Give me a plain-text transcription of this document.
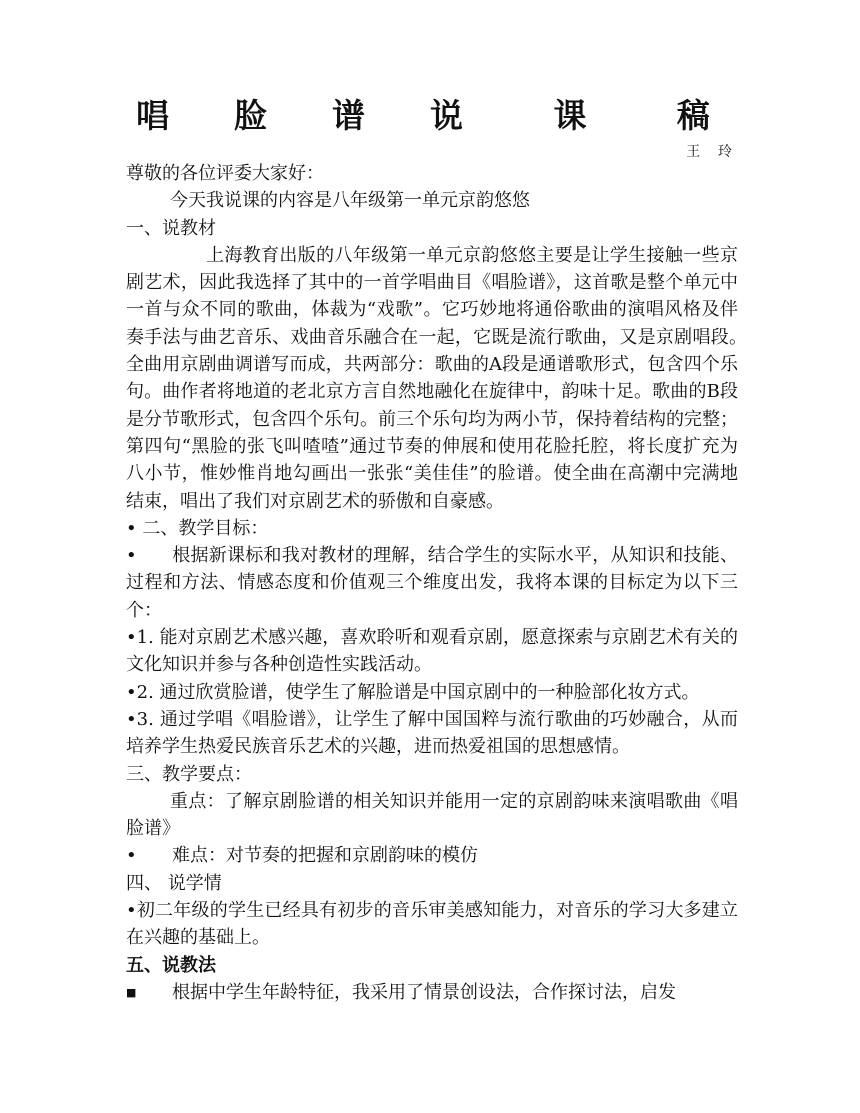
唱  脸  谱  说   课   稿
王    玲

尊敬的各位评委大家好：

今天我说课的内容是八年级第一单元京韵悠悠

一、说教材

上海教育出版的八年级第一单元京韵悠悠主要是让学生接触一些京剧艺术，因此我选择了其中的一首学唱曲目《唱脸谱》，这首歌是整个单元中一首与众不同的歌曲，体裁为“戏歌”。它巧妙地将通俗歌曲的演唱风格及伴奏手法与曲艺音乐、戏曲音乐融合在一起，它既是流行歌曲，又是京剧唱段。　全曲用京剧曲调谱写而成，共两部分：歌曲的A段是通谱歌形式，包含四个乐句。曲作者将地道的老北京方言自然地融化在旋律中，韵味十足。歌曲的B段是分节歌形式，包含四个乐句。前三个乐句均为两小节，保持着结构的完整；第四句“黑脸的张飞叫喳喳”通过节奏的伸展和使用花脸托腔，将长度扩充为八小节，惟妙惟肖地勾画出一张张“美佳佳”的脸谱。使全曲在高潮中完满地结束，唱出了我们对京剧艺术的骄傲和自豪感。

• 二、教学目标：

• 根据新课标和我对教材的理解，结合学生的实际水平，从知识和技能、过程和方法、情感态度和价值观三个维度出发，我将本课的目标定为以下三个：

•1. 能对京剧艺术感兴趣，喜欢聆听和观看京剧，愿意探索与京剧艺术有关的文化知识并参与各种创造性实践活动。

•2. 通过欣赏脸谱，使学生了解脸谱是中国京剧中的一种脸部化妆方式。

•3. 通过学唱《唱脸谱》，让学生了解中国国粹与流行歌曲的巧妙融合，从而培养学生热爱民族音乐艺术的兴趣，进而热爱祖国的思想感情。

三、教学要点：

重点：了解京剧脸谱的相关知识并能用一定的京剧韵味来演唱歌曲《唱脸谱》

• 难点：对节奏的把握和京剧韵味的模仿

四、 说学情

•初二年级的学生已经具有初步的音乐审美感知能力，对音乐的学习大多建立在兴趣的基础上。

五、说教法

■ 根据中学生年龄特征，我采用了情景创设法，合作探讨法，启发
